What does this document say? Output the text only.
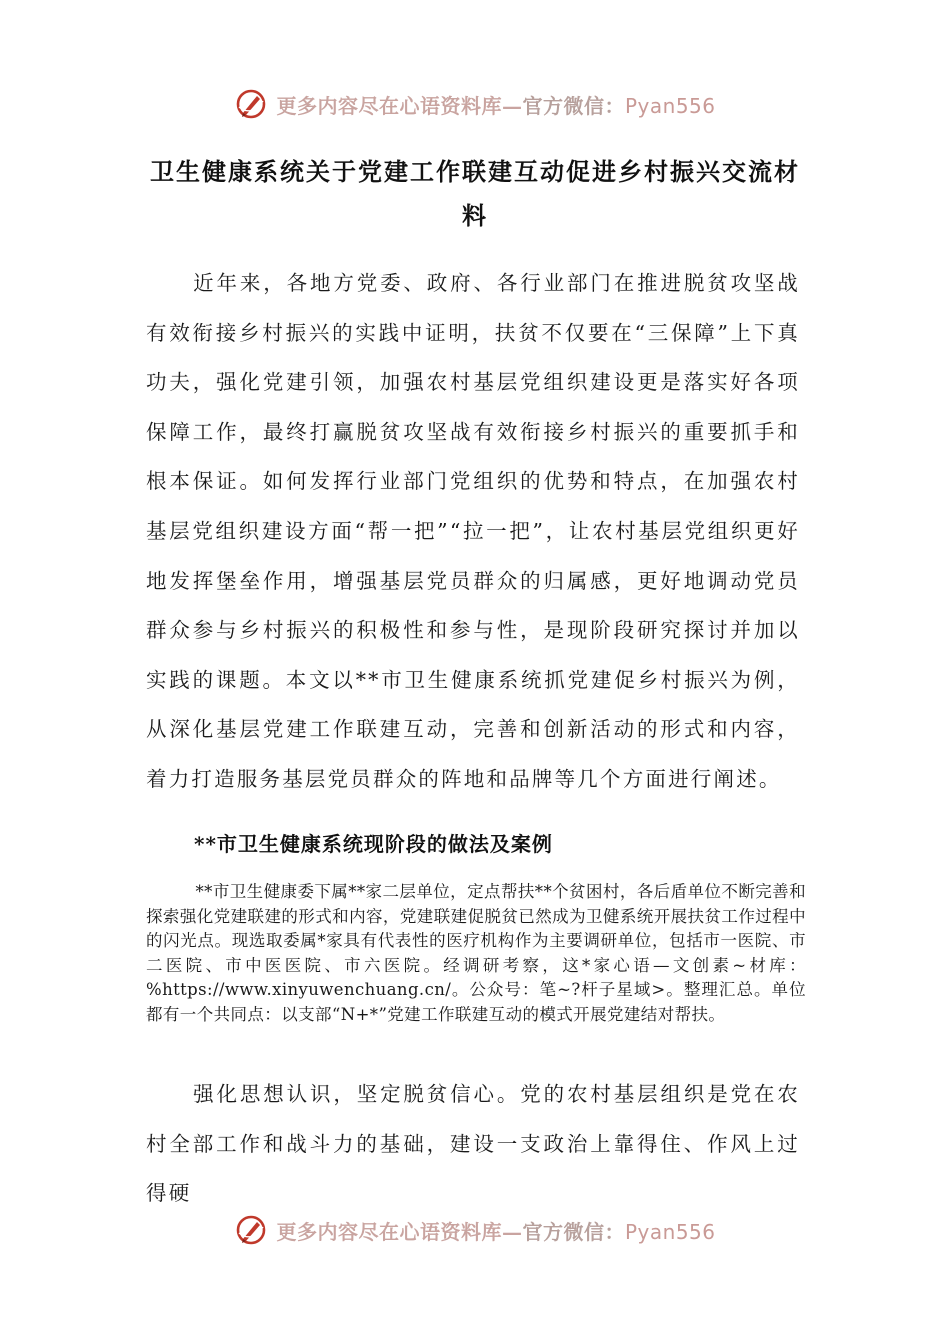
更多内容尽在心语资料库—官方微信：Pyan556
卫生健康系统关于党建工作联建互动促进乡村振兴交流材料

近年来，各地方党委、政府、各行业部门在推进脱贫攻坚战有效衔接乡村振兴的实践中证明，扶贫不仅要在“三保障”上下真功夫，强化党建引领，加强农村基层党组织建设更是落实好各项保障工作，最终打赢脱贫攻坚战有效衔接乡村振兴的重要抓手和根本保证。如何发挥行业部门党组织的优势和特点，在加强农村基层党组织建设方面“帮一把”“拉一把”，让农村基层党组织更好地发挥堡垒作用，增强基层党员群众的归属感，更好地调动党员群众参与乡村振兴的积极性和参与性，是现阶段研究探讨并加以实践的课题。本文以**市卫生健康系统抓党建促乡村振兴为例，从深化基层党建工作联建互动，完善和创新活动的形式和内容，着力打造服务基层党员群众的阵地和品牌等几个方面进行阐述。

**市卫生健康系统现阶段的做法及案例

**市卫生健康委下属**家二层单位，定点帮扶**个贫困村，各后盾单位不断完善和探索强化党建联建的形式和内容，党建联建促脱贫已然成为卫健系统开展扶贫工作过程中的闪光点。现选取委属*家具有代表性的医疗机构作为主要调研单位，包括市一医院、市二医院、市中医医院、市六医院。经调研考察，这*家心语—文创素~材库：%https://www.xinyuwenchuang.cn/。公众号：笔~?杆子星域>。整理汇总。单位都有一个共同点：以支部“N+*”党建工作联建互动的模式开展党建结对帮扶。

强化思想认识，坚定脱贫信心。党的农村基层组织是党在农村全部工作和战斗力的基础，建设一支政治上靠得住、作风上过得硬

更多内容尽在心语资料库—官方微信：Pyan556
